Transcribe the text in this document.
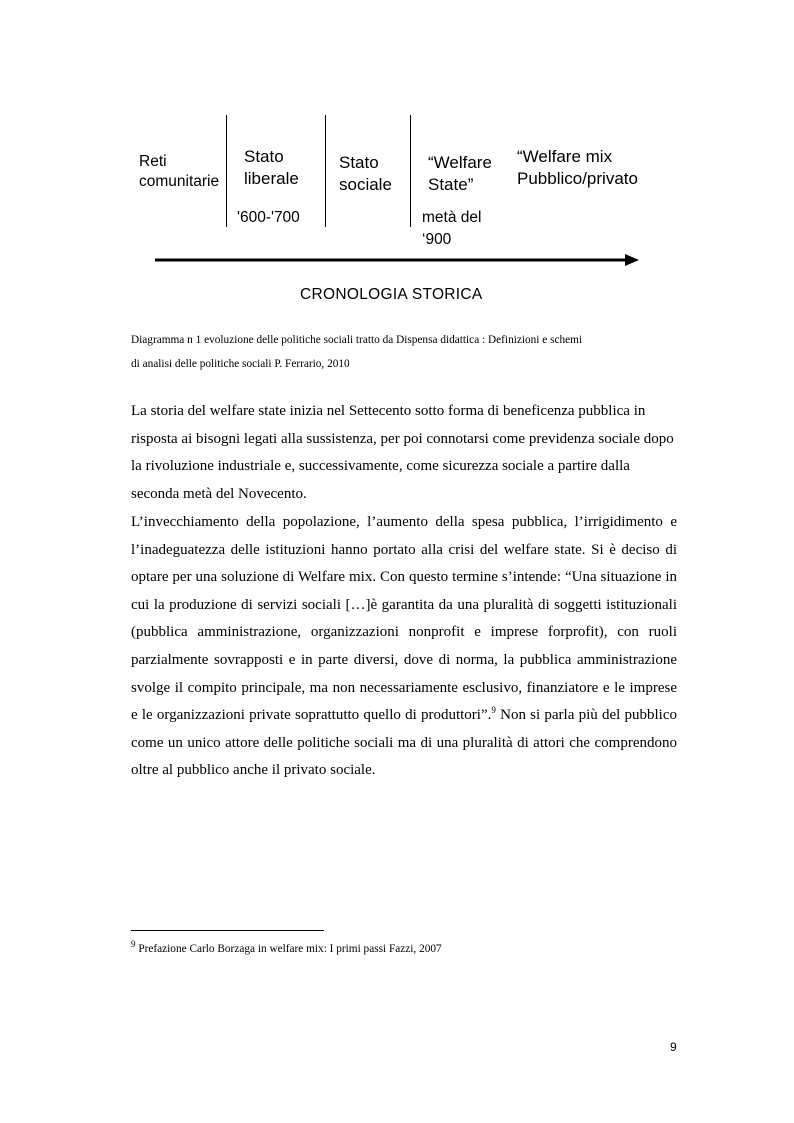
Reti
comunitarie
Stato
liberale
'600-'700
Stato
sociale
“Welfare
State”
metà del
‘900
“Welfare mix
Pubblico/privato
CRONOLOGIA STORICA
Diagramma n 1 evoluzione delle politiche sociali tratto da Dispensa didattica : Definizioni e schemi
di analisi delle politiche sociali P. Ferrario, 2010

La storia del welfare state inizia nel Settecento sotto forma di beneficenza pubblica in risposta ai bisogni legati alla sussistenza, per poi connotarsi come previdenza sociale dopo la rivoluzione industriale e, successivamente, come sicurezza sociale a partire dalla seconda metà del Novecento.

L’invecchiamento della popolazione, l’aumento della spesa pubblica, l’irrigidimento e l’inadeguatezza delle istituzioni hanno portato alla crisi del welfare state. Si è deciso di optare per una soluzione di Welfare mix. Con questo termine s’intende: “Una situazione in cui la produzione di servizi sociali […]è garantita da una pluralità di soggetti istituzionali (pubblica amministrazione, organizzazioni nonprofit e imprese forprofit), con ruoli parzialmente sovrapposti e in parte diversi, dove di norma, la pubblica amministrazione svolge il compito principale, ma non necessariamente esclusivo, finanziatore e le imprese e le organizzazioni private soprattutto quello di produttori”.$^9$ Non si parla più del pubblico come un unico attore delle politiche sociali ma di una pluralità di attori che comprendono oltre al pubblico anche il privato sociale.

$^9$ Prefazione Carlo Borzaga in welfare mix: I primi passi Fazzi, 2007
9
